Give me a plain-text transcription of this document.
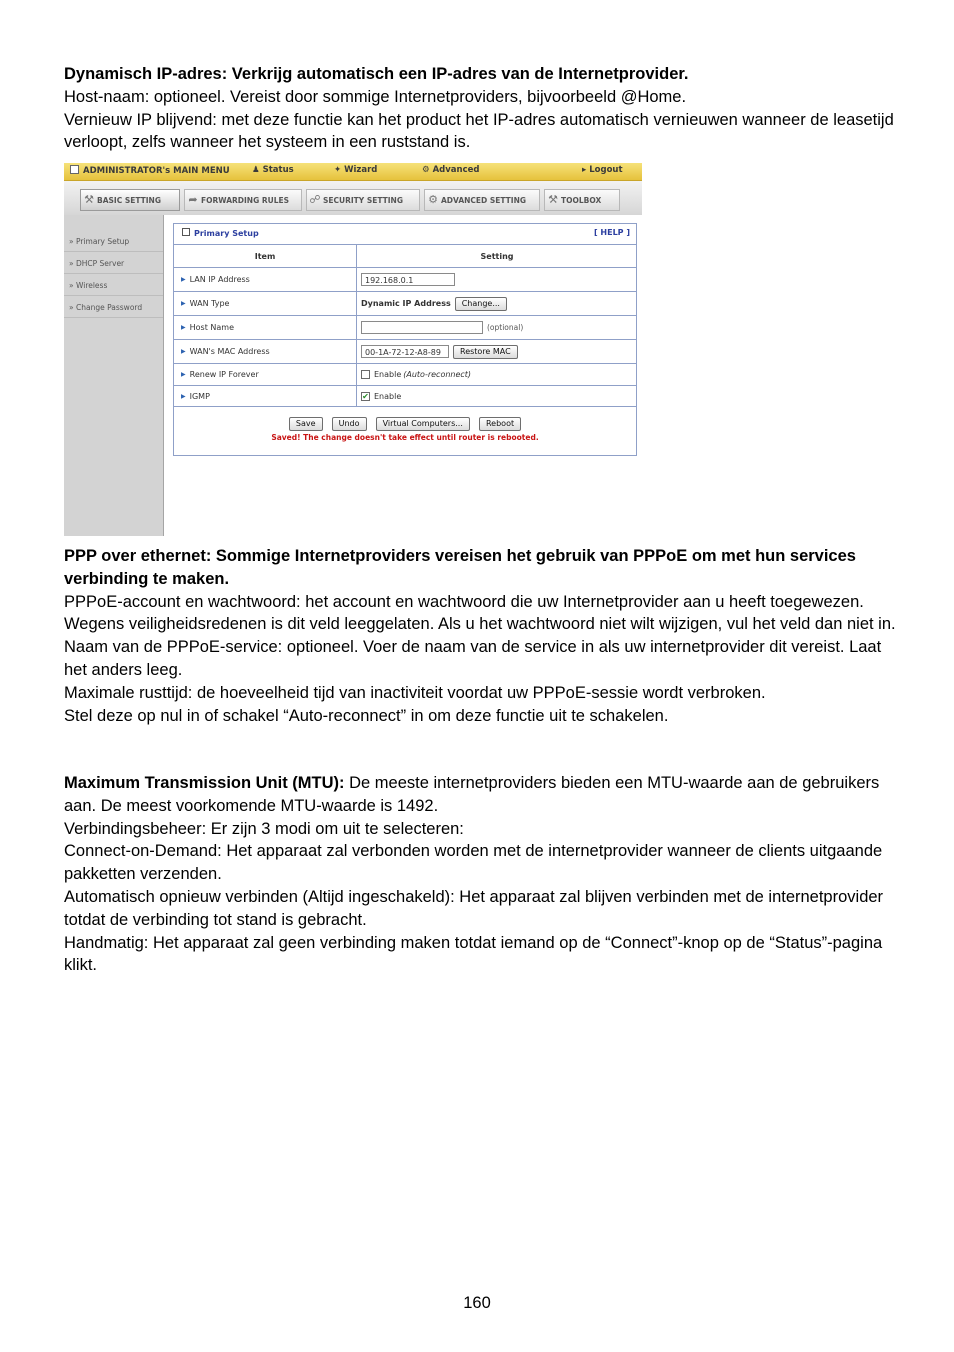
Dynamisch IP-adres: Verkrijg automatisch een IP-adres van de Internetprovider.

Host-naam: optioneel. Vereist door sommige Internetproviders, bijvoorbeeld @Home.

Vernieuw IP blijvend: met deze functie kan het product het IP-adres automatisch vernieuwen wanneer de leasetijd verloopt, zelfs wanneer het systeem in een ruststand is.

ADMINISTRATOR's MAIN MENU	♟ Status	✦ Wizard	⚙ Advanced	▸ Logout
⚒ BASIC SETTING	➦ FORWARDING RULES	☍ SECURITY SETTING	⚙ ADVANCED SETTING	⚒ TOOLBOX
» Primary Setup
» DHCP Server
» Wireless
» Change Password
Primary Setup	[ HELP ]
Item	Setting
▶ LAN IP Address	192.168.0.1
▶ WAN Type	Dynamic IP Address	Change...
▶ Host Name	(optional)
▶ WAN's MAC Address	00-1A-72-12-A8-89	Restore MAC
▶ Renew IP Forever	Enable (Auto-reconnect)
▶ IGMP	✔ Enable
Save	Undo	Virtual Computers...	Reboot
Saved! The change doesn't take effect until router is rebooted.

PPP over ethernet: Sommige Internetproviders vereisen het gebruik van PPPoE om met hun services verbinding te maken.

PPPoE-account en wachtwoord: het account en wachtwoord die uw Internetprovider aan u heeft toegewezen. Wegens veiligheidsredenen is dit veld leeggelaten. Als u het wachtwoord niet wilt wijzigen, vul het veld dan niet in.

Naam van de PPPoE-service: optioneel. Voer de naam van de service in als uw internetprovider dit vereist. Laat het anders leeg.

Maximale rusttijd: de hoeveelheid tijd van inactiviteit voordat uw PPPoE-sessie wordt verbroken.

Stel deze op nul in of schakel “Auto-reconnect” in om deze functie uit te schakelen.

Maximum Transmission Unit (MTU): De meeste internetproviders bieden een MTU-waarde aan de gebruikers aan. De meest voorkomende MTU-waarde is 1492.

Verbindingsbeheer: Er zijn 3 modi om uit te selecteren:

Connect-on-Demand: Het apparaat zal verbonden worden met de internetprovider wanneer de clients uitgaande pakketten verzenden.

Automatisch opnieuw verbinden (Altijd ingeschakeld): Het apparaat zal blijven verbinden met de internetprovider totdat de verbinding tot stand is gebracht.

Handmatig: Het apparaat zal geen verbinding maken totdat iemand op de “Connect”-knop op de “Status”-pagina klikt.

160
